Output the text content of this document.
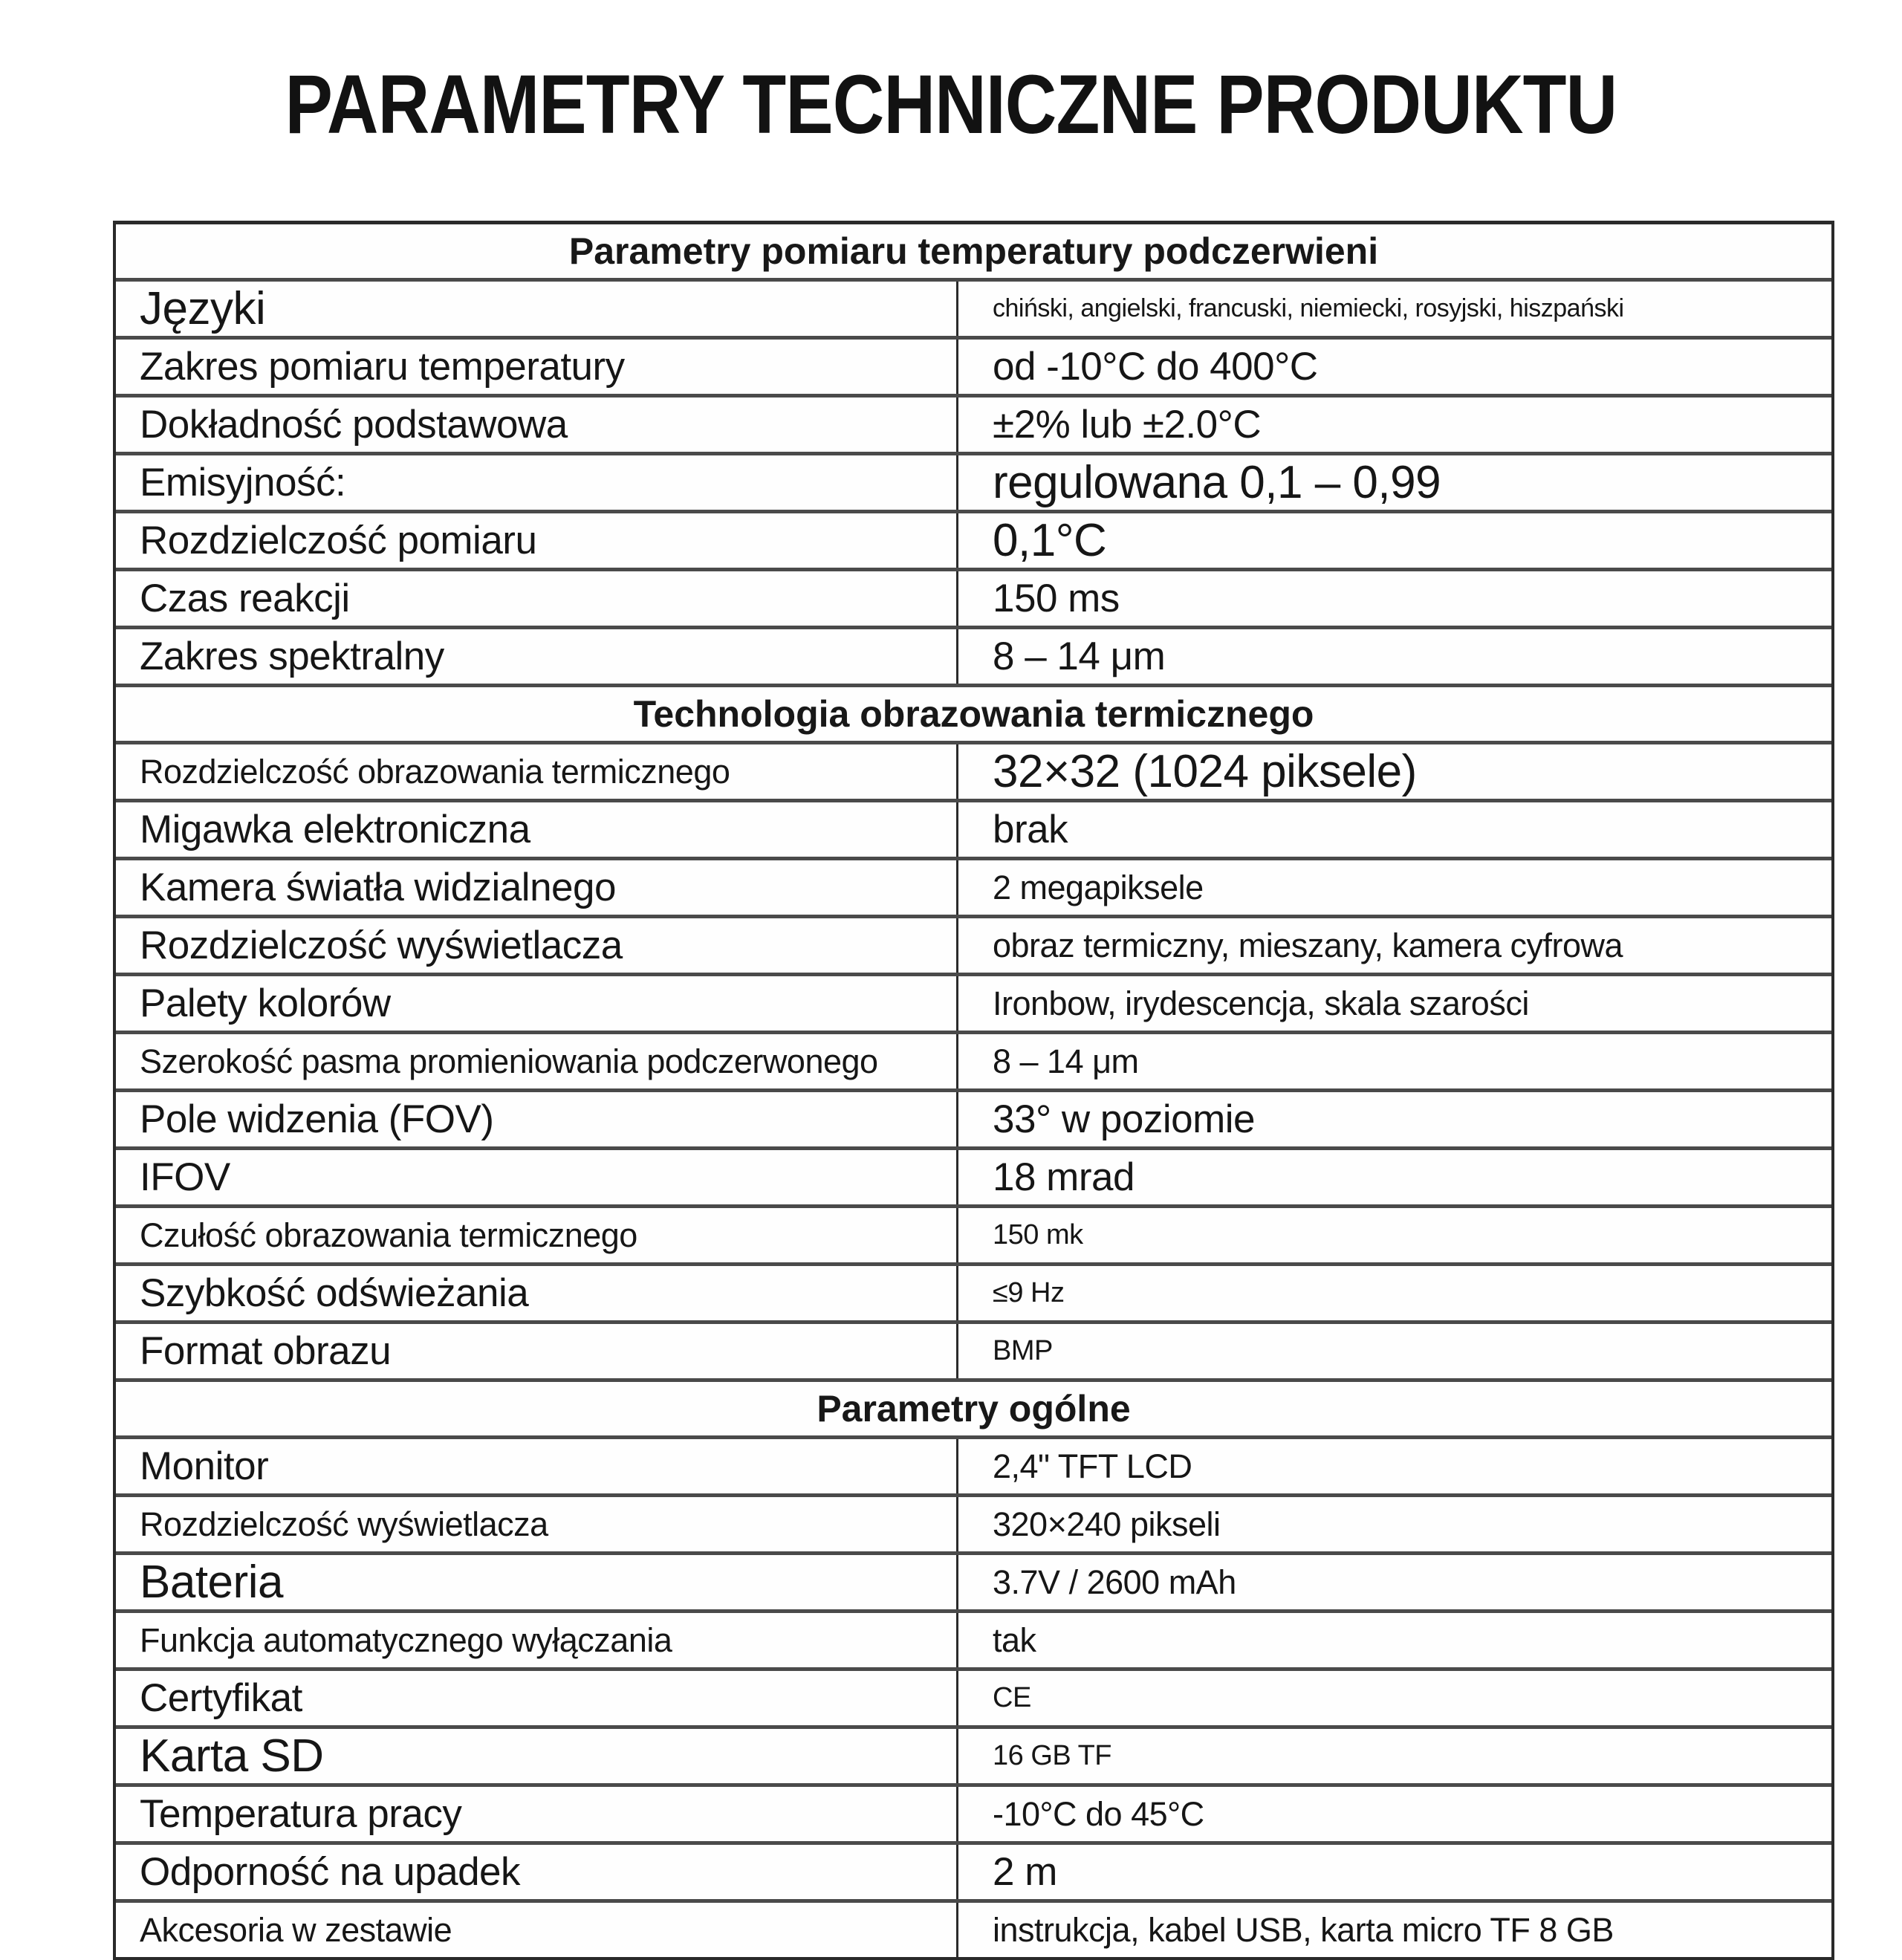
PARAMETRY TECHNICZNE PRODUKTU
Parametry pomiaru temperatury podczerwieni
Języki	chiński, angielski, francuski, niemiecki, rosyjski, hiszpański
Zakres pomiaru temperatury	od -10°C do 400°C
Dokładność podstawowa	±2% lub ±2.0°C
Emisyjność:	regulowana 0,1 – 0,99
Rozdzielczość pomiaru	0,1°C
Czas reakcji	150 ms
Zakres spektralny	8 – 14 μm
Technologia obrazowania termicznego
Rozdzielczość obrazowania termicznego	32×32 (1024 piksele)
Migawka elektroniczna	brak
Kamera światła widzialnego	2 megapiksele
Rozdzielczość wyświetlacza	obraz termiczny, mieszany, kamera cyfrowa
Palety kolorów	Ironbow, irydescencja, skala szarości
Szerokość pasma promieniowania podczerwonego	8 – 14 μm
Pole widzenia (FOV)	33° w poziomie
IFOV	18 mrad
Czułość obrazowania termicznego	150 mk
Szybkość odświeżania	≤9 Hz
Format obrazu	BMP
Parametry ogólne
Monitor	2,4" TFT LCD
Rozdzielczość wyświetlacza	320×240 pikseli
Bateria	3.7V / 2600 mAh
Funkcja automatycznego wyłączania	tak
Certyfikat	CE
Karta SD	16 GB TF
Temperatura pracy	-10°C do 45°C
Odporność na upadek	2 m
Akcesoria w zestawie	instrukcja, kabel USB, karta micro TF 8 GB
